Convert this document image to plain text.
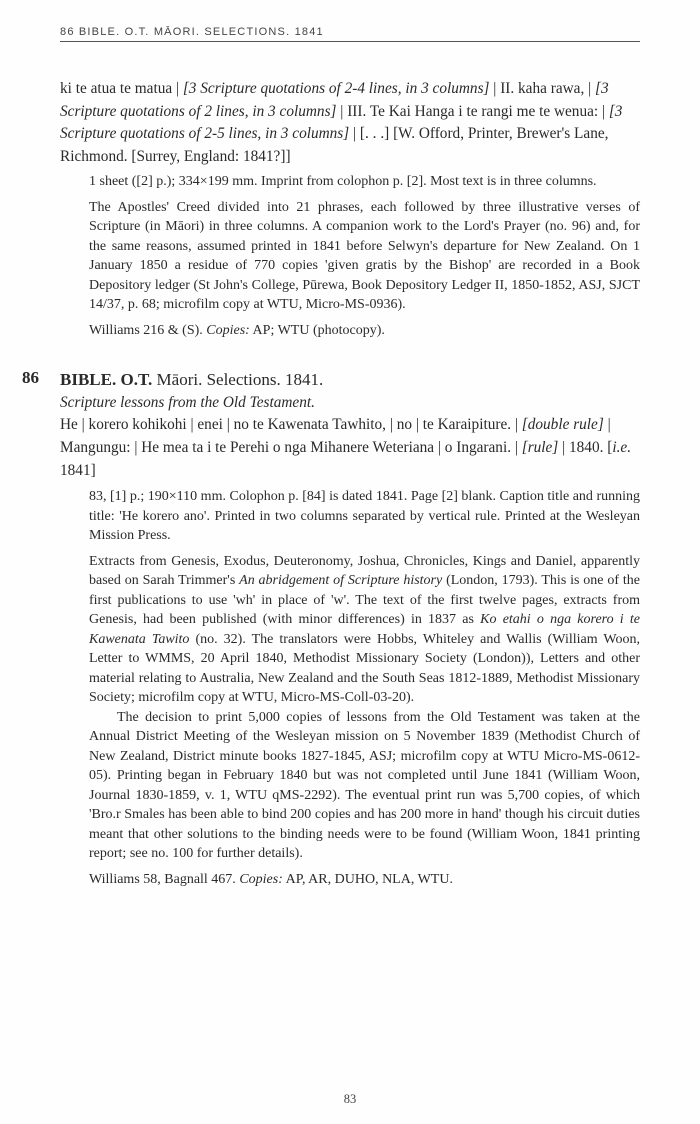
86 BIBLE. O.T. MĀORI. SELECTIONS. 1841

ki te atua te matua | [3 Scripture quotations of 2-4 lines, in 3 columns] | II. kaha rawa, | [3 Scripture quotations of 2 lines, in 3 columns] | III. Te Kai Hanga i te rangi me te wenua: | [3 Scripture quotations of 2-5 lines, in 3 columns] | [. . .] [W. Offord, Printer, Brewer's Lane, Richmond. [Surrey, England: 1841?]]

1 sheet ([2] p.); 334×199 mm. Imprint from colophon p. [2]. Most text is in three columns.

The Apostles' Creed divided into 21 phrases, each followed by three illustrative verses of Scripture (in Māori) in three columns. A companion work to the Lord's Prayer (no. 96) and, for the same reasons, assumed printed in 1841 before Selwyn's departure for New Zealand. On 1 January 1850 a residue of 770 copies 'given gratis by the Bishop' are recorded in a Book Depository ledger (St John's College, Pūrewa, Book Depository Ledger II, 1850-1852, ASJ, SJCT 14/37, p. 68; microfilm copy at WTU, Micro-MS-0936).

Williams 216 & (S). Copies: AP; WTU (photocopy).

86 BIBLE. O.T. Māori. Selections. 1841.

Scripture lessons from the Old Testament.

He | korero kohikohi | enei | no te Kawenata Tawhito, | no | te Karaipiture. | [double rule] | Mangungu: | He mea ta i te Perehi o nga Mihanere Weteriana | o Ingarani. | [rule] | 1840. [i.e. 1841]

83, [1] p.; 190×110 mm. Colophon p. [84] is dated 1841. Page [2] blank. Caption title and running title: 'He korero ano'. Printed in two columns separated by vertical rule. Printed at the Wesleyan Mission Press.

Extracts from Genesis, Exodus, Deuteronomy, Joshua, Chronicles, Kings and Daniel, apparently based on Sarah Trimmer's An abridgement of Scripture history (London, 1793). This is one of the first publications to use 'wh' in place of 'w'. The text of the first twelve pages, extracts from Genesis, had been published (with minor differences) in 1837 as Ko etahi o nga korero i te Kawenata Tawito (no. 32). The translators were Hobbs, Whiteley and Wallis (William Woon, Letter to WMMS, 20 April 1840, Methodist Missionary Society (London)), Letters and other material relating to Australia, New Zealand and the South Seas 1812-1889, Methodist Missionary Society; microfilm copy at WTU, Micro-MS-Coll-03-20).

The decision to print 5,000 copies of lessons from the Old Testament was taken at the Annual District Meeting of the Wesleyan mission on 5 November 1839 (Methodist Church of New Zealand, District minute books 1827-1845, ASJ; microfilm copy at WTU Micro-MS-0612-05). Printing began in February 1840 but was not completed until June 1841 (William Woon, Journal 1830-1859, v. 1, WTU qMS-2292). The eventual print run was 5,700 copies, of which 'Bro.r Smales has been able to bind 200 copies and has 200 more in hand' though his circuit duties meant that other solutions to the binding needs were to be found (William Woon, 1841 printing report; see no. 100 for further details).

Williams 58, Bagnall 467. Copies: AP, AR, DUHO, NLA, WTU.

83
